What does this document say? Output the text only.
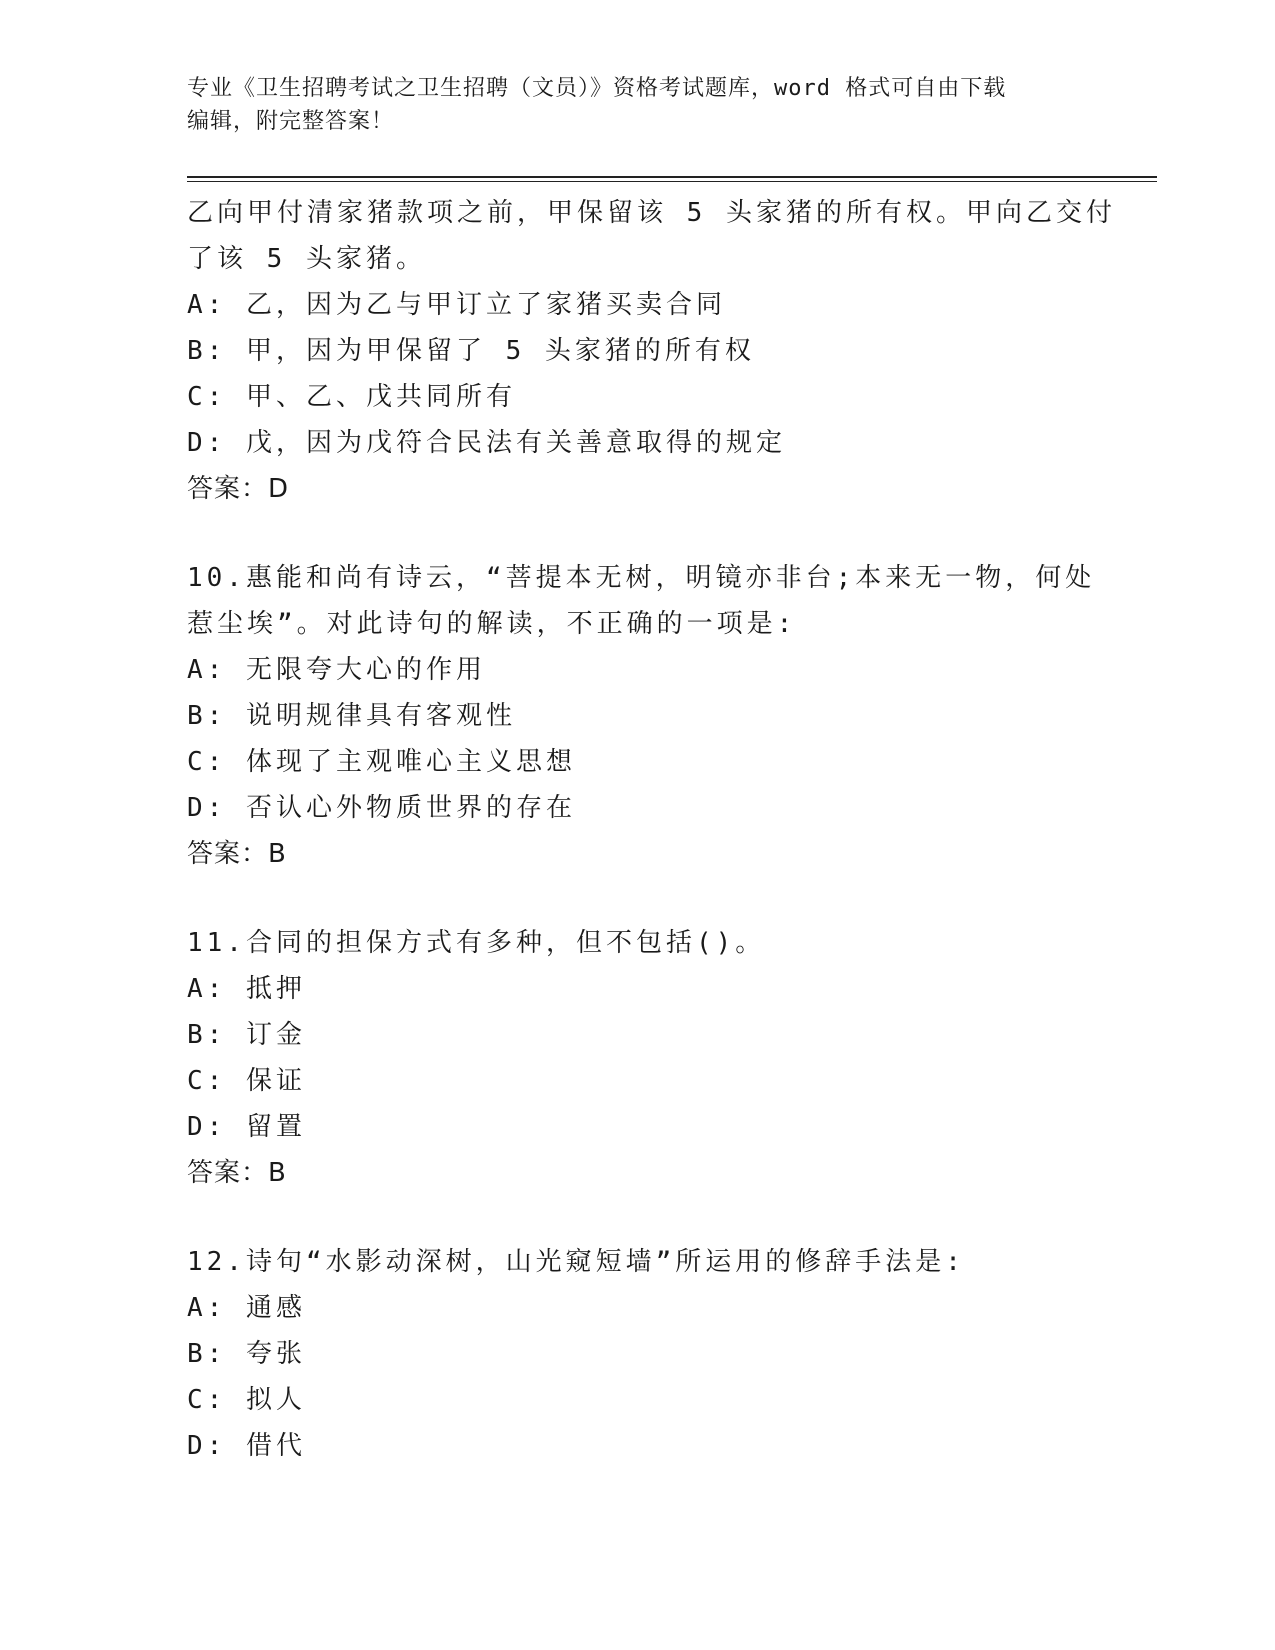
专业《卫生招聘考试之卫生招聘（文员）》资格考试题库，word 格式可自由下载
编辑，附完整答案！
乙向甲付清家猪款项之前，甲保留该 5 头家猪的所有权。甲向乙交付
了该 5 头家猪。
A: 乙，因为乙与甲订立了家猪买卖合同
B: 甲，因为甲保留了 5 头家猪的所有权
C: 甲、乙、戊共同所有
D: 戊，因为戊符合民法有关善意取得的规定
答案：D
10.惠能和尚有诗云，“菩提本无树，明镜亦非台;本来无一物，何处
惹尘埃”。对此诗句的解读，不正确的一项是:
A: 无限夸大心的作用
B: 说明规律具有客观性
C: 体现了主观唯心主义思想
D: 否认心外物质世界的存在
答案：B
11.合同的担保方式有多种，但不包括()。
A: 抵押
B: 订金
C: 保证
D: 留置
答案：B
12.诗句“水影动深树，山光窥短墙”所运用的修辞手法是:
A: 通感
B: 夸张
C: 拟人
D: 借代
